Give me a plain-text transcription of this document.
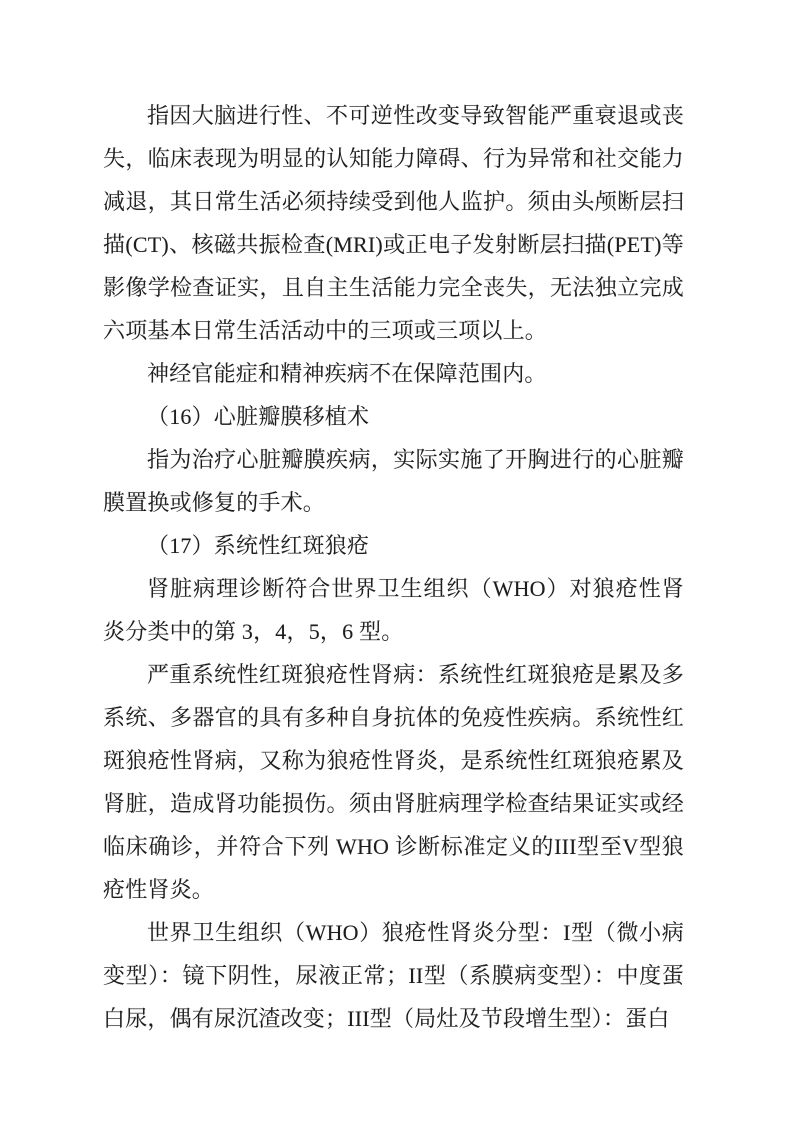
指因大脑进行性、不可逆性改变导致智能严重衰退或丧失，临床表现为明显的认知能力障碍、行为异常和社交能力减退，其日常生活必须持续受到他人监护。须由头颅断层扫描(CT)、核磁共振检查(MRI)或正电子发射断层扫描(PET)等影像学检查证实，且自主生活能力完全丧失，无法独立完成六项基本日常生活活动中的三项或三项以上。

神经官能症和精神疾病不在保障范围内。

（16）心脏瓣膜移植术

指为治疗心脏瓣膜疾病，实际实施了开胸进行的心脏瓣膜置换或修复的手术。

（17）系统性红斑狼疮

肾脏病理诊断符合世界卫生组织（WHO）对狼疮性肾炎分类中的第 3，4，5，6 型。

严重系统性红斑狼疮性肾病：系统性红斑狼疮是累及多系统、多器官的具有多种自身抗体的免疫性疾病。系统性红斑狼疮性肾病，又称为狼疮性肾炎，是系统性红斑狼疮累及肾脏，造成肾功能损伤。须由肾脏病理学检查结果证实或经临床确诊，并符合下列 WHO 诊断标准定义的III型至V型狼疮性肾炎。

世界卫生组织（WHO）狼疮性肾炎分型：I型（微小病变型）：镜下阴性，尿液正常；II型（系膜病变型）：中度蛋白尿，偶有尿沉渣改变；III型（局灶及节段增生型）：蛋白
